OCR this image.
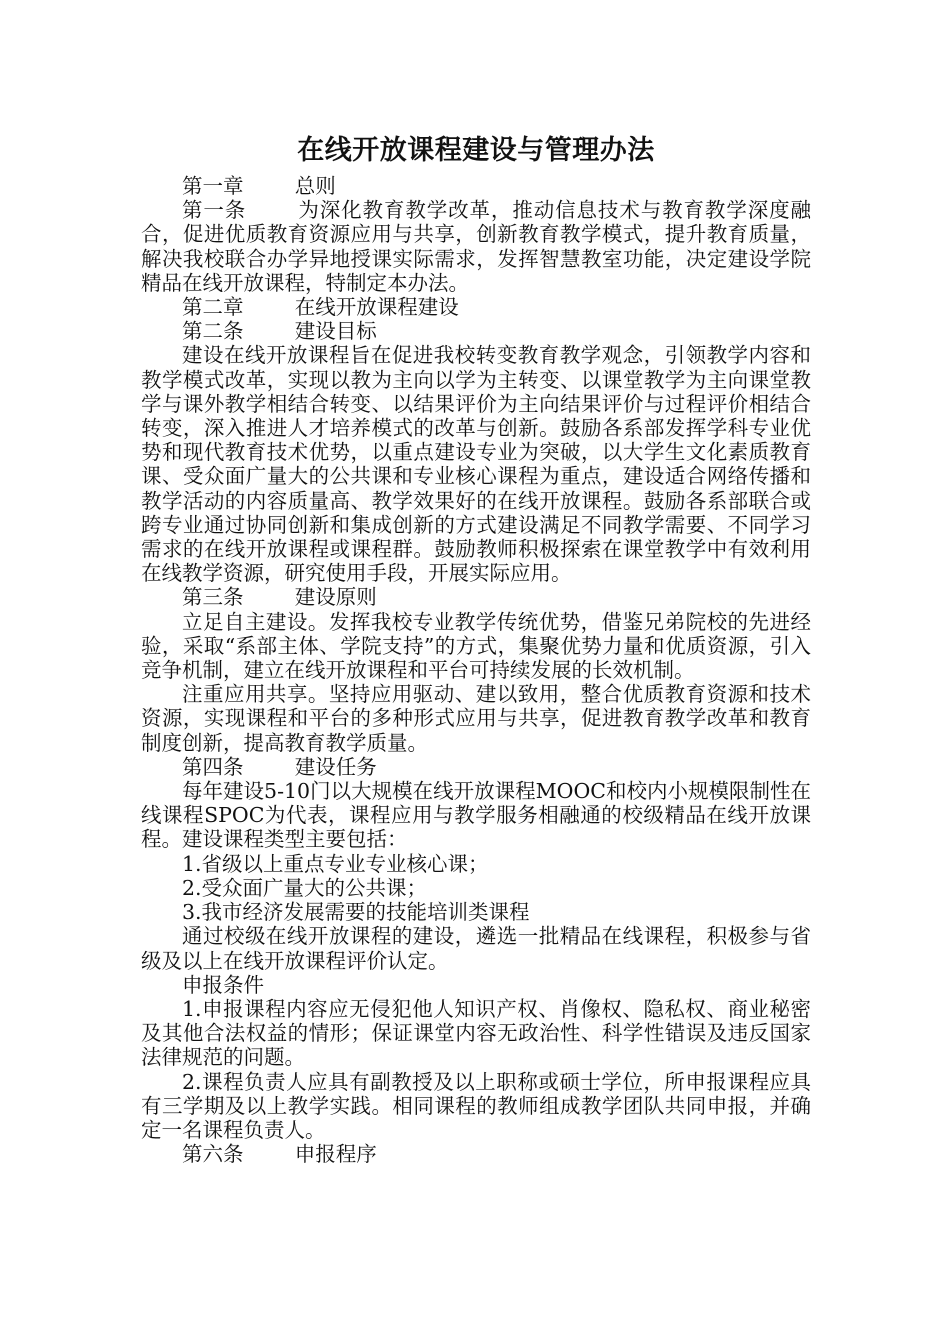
在线开放课程建设与管理办法

第一章	总则

第一条	为深化教育教学改革，推动信息技术与教育教学深度融合，促进优质教育资源应用与共享，创新教育教学模式，提升教育质量，解决我校联合办学异地授课实际需求，发挥智慧教室功能，决定建设学院精品在线开放课程，特制定本办法。

第二章	在线开放课程建设

第二条	建设目标

建设在线开放课程旨在促进我校转变教育教学观念，引领教学内容和教学模式改革，实现以教为主向以学为主转变、以课堂教学为主向课堂教学与课外教学相结合转变、以结果评价为主向结果评价与过程评价相结合转变，深入推进人才培养模式的改革与创新。鼓励各系部发挥学科专业优势和现代教育技术优势，以重点建设专业为突破，以大学生文化素质教育课、受众面广量大的公共课和专业核心课程为重点，建设适合网络传播和教学活动的内容质量高、教学效果好的在线开放课程。鼓励各系部联合或跨专业通过协同创新和集成创新的方式建设满足不同教学需要、不同学习需求的在线开放课程或课程群。鼓励教师积极探索在课堂教学中有效利用在线教学资源，研究使用手段，开展实际应用。

第三条	建设原则

立足自主建设。发挥我校专业教学传统优势，借鉴兄弟院校的先进经验，采取“系部主体、学院支持”的方式，集聚优势力量和优质资源，引入竞争机制，建立在线开放课程和平台可持续发展的长效机制。

注重应用共享。坚持应用驱动、建以致用，整合优质教育资源和技术资源，实现课程和平台的多种形式应用与共享，促进教育教学改革和教育制度创新，提高教育教学质量。

第四条	建设任务

每年建设5-10门以大规模在线开放课程MOOC和校内小规模限制性在线课程SPOC为代表，课程应用与教学服务相融通的校级精品在线开放课程。建设课程类型主要包括：

1.省级以上重点专业专业核心课；

2.受众面广量大的公共课；

3.我市经济发展需要的技能培训类课程

通过校级在线开放课程的建设，遴选一批精品在线课程，积极参与省级及以上在线开放课程评价认定。

申报条件

1.申报课程内容应无侵犯他人知识产权、肖像权、隐私权、商业秘密及其他合法权益的情形；保证课堂内容无政治性、科学性错误及违反国家法律规范的问题。

2.课程负责人应具有副教授及以上职称或硕士学位，所申报课程应具有三学期及以上教学实践。相同课程的教师组成教学团队共同申报，并确定一名课程负责人。

第六条	申报程序
